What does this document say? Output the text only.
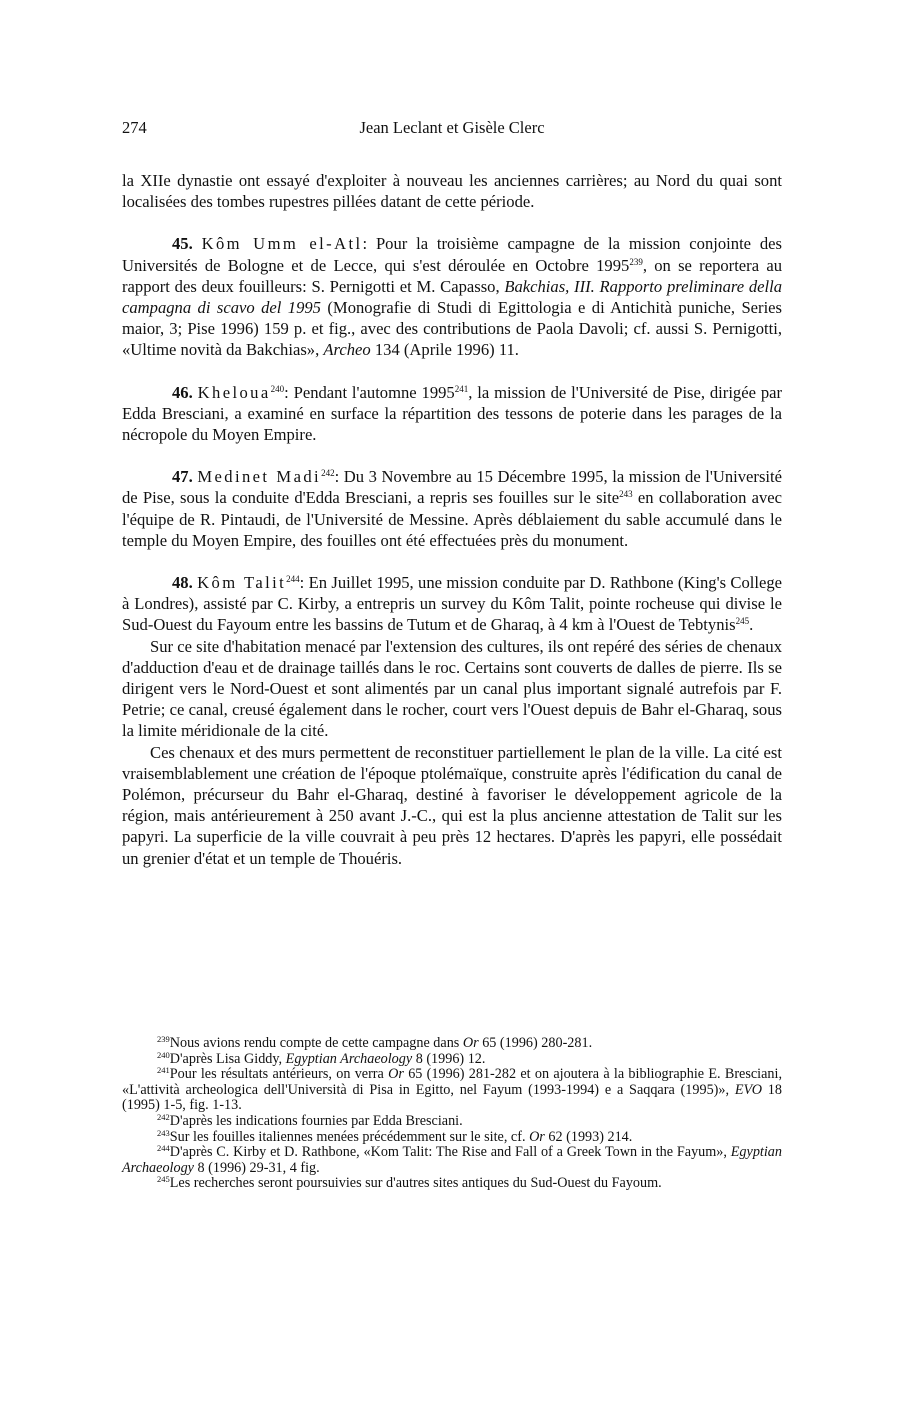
274	Jean Leclant et Gisèle Clerc

la XIIe dynastie ont essayé d'exploiter à nouveau les anciennes carrières; au Nord du quai sont localisées des tombes rupestres pillées datant de cette période.

45. Kôm Umm el-Atl: Pour la troisième campagne de la mission conjointe des Universités de Bologne et de Lecce, qui s'est déroulée en Octobre 1995$^{239}$, on se reportera au rapport des deux fouilleurs: S. Pernigotti et M. Capasso, Bakchias, III. Rapporto preliminare della campagna di scavo del 1995 (Monografie di Studi di Egittologia e di Antichità puniche, Series maior, 3; Pise 1996) 159 p. et fig., avec des contributions de Paola Davoli; cf. aussi S. Pernigotti, «Ultime novità da Bakchias», Archeo 134 (Aprile 1996) 11.

46. Kheloua$^{240}$: Pendant l'automne 1995$^{241}$, la mission de l'Université de Pise, dirigée par Edda Bresciani, a examiné en surface la répartition des tessons de poterie dans les parages de la nécropole du Moyen Empire.

47. Medinet Madi$^{242}$: Du 3 Novembre au 15 Décembre 1995, la mission de l'Université de Pise, sous la conduite d'Edda Bresciani, a repris ses fouilles sur le site$^{243}$ en collaboration avec l'équipe de R. Pintaudi, de l'Université de Messine. Après déblaiement du sable accumulé dans le temple du Moyen Empire, des fouilles ont été effectuées près du monument.

48. Kôm Talit$^{244}$: En Juillet 1995, une mission conduite par D. Rathbone (King's College à Londres), assisté par C. Kirby, a entrepris un survey du Kôm Talit, pointe rocheuse qui divise le Sud-Ouest du Fayoum entre les bassins de Tutum et de Gharaq, à 4 km à l'Ouest de Tebtynis$^{245}$.

Sur ce site d'habitation menacé par l'extension des cultures, ils ont repéré des séries de chenaux d'adduction d'eau et de drainage taillés dans le roc. Certains sont couverts de dalles de pierre. Ils se dirigent vers le Nord-Ouest et sont alimentés par un canal plus important signalé autrefois par F. Petrie; ce canal, creusé également dans le rocher, court vers l'Ouest depuis de Bahr el-Gharaq, sous la limite méridionale de la cité.

Ces chenaux et des murs permettent de reconstituer partiellement le plan de la ville. La cité est vraisemblablement une création de l'époque ptolémaïque, construite après l'édification du canal de Polémon, précurseur du Bahr el-Gharaq, destiné à favoriser le développement agricole de la région, mais antérieurement à 250 avant J.-C., qui est la plus ancienne attestation de Talit sur les papyri. La superficie de la ville couvrait à peu près 12 hectares. D'après les papyri, elle possédait un grenier d'état et un temple de Thouéris.

$^{239}$Nous avions rendu compte de cette campagne dans Or 65 (1996) 280-281.

$^{240}$D'après Lisa Giddy, Egyptian Archaeology 8 (1996) 12.

$^{241}$Pour les résultats antérieurs, on verra Or 65 (1996) 281-282 et on ajoutera à la bibliographie E. Bresciani, «L'attività archeologica dell'Università di Pisa in Egitto, nel Fayum (1993-1994) e a Saqqara (1995)», EVO 18 (1995) 1-5, fig. 1-13.

$^{242}$D'après les indications fournies par Edda Bresciani.

$^{243}$Sur les fouilles italiennes menées précédemment sur le site, cf. Or 62 (1993) 214.

$^{244}$D'après C. Kirby et D. Rathbone, «Kom Talit: The Rise and Fall of a Greek Town in the Fayum», Egyptian Archaeology 8 (1996) 29-31, 4 fig.

$^{245}$Les recherches seront poursuivies sur d'autres sites antiques du Sud-Ouest du Fayoum.
